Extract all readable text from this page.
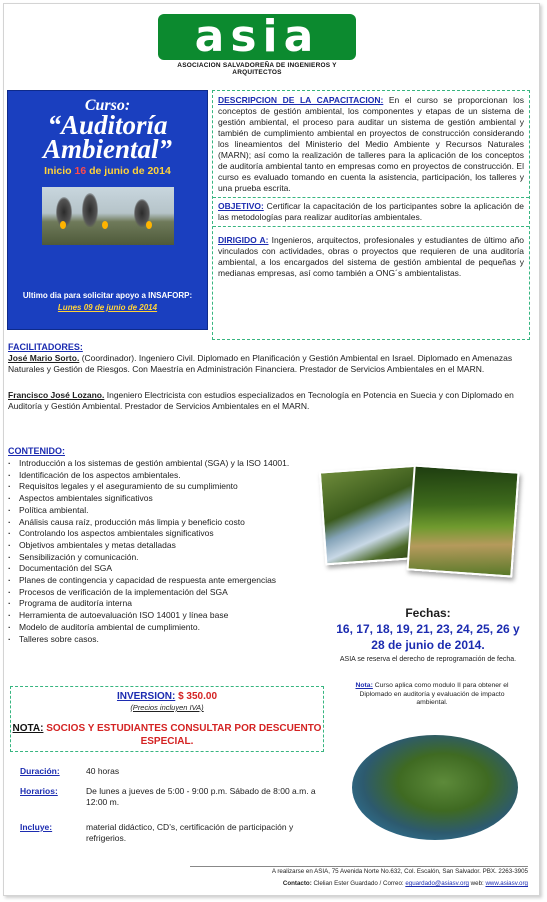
asia
ASOCIACION SALVADOREÑA DE INGENIEROS Y ARQUITECTOS
Curso:
“Auditoría Ambiental”
Inicio 16 de junio de 2014
Ultimo dia para solicitar apoyo a INSAFORP:
Lunes 09 de junio de 2014

DESCRIPCION DE LA CAPACITACION: En el curso se proporcionan los conceptos de gestión ambiental, los componentes y etapas de un sistema de gestión ambiental, el proceso para auditar un sistema de gestión ambiental y también de cumplimiento ambiental en proyectos de construcción considerando los lineamientos del Ministerio del Medio Ambiente y Recursos Naturales (MARN); así como la realización de talleres para la aplicación de los conceptos de auditoría ambiental tanto en empresas como en proyectos de construcción. El curso es evaluado tomando en cuenta la asistencia, participación, los talleres y una prueba escrita.

OBJETIVO: Certificar la capacitación de los participantes sobre la aplicación de las metodologías para realizar auditorías ambientales.

DIRIGIDO A: Ingenieros, arquitectos, profesionales y estudiantes de último año vinculados con actividades, obras o proyectos que requieren de una auditoría ambiental, a los encargados del sistema de gestión ambiental de pequeñas y medianas empresas, así como también a ONG´s ambientalistas.

FACILITADORES:

José Mario Sorto. (Coordinador). Ingeniero Civil. Diplomado en Planificación y Gestión Ambiental en Israel. Diplomado en Amenazas Naturales y Gestión de Riesgos. Con Maestría en Administración Financiera. Prestador de Servicios Ambientales en el MARN.

Francisco José Lozano. Ingeniero Electricista con estudios especializados en Tecnología en Potencia en Suecia y con Diplomado en Auditoría y Gestión Ambiental. Prestador de Servicios Ambientales en el MARN.

CONTENIDO:
· Introducción a los sistemas de gestión ambiental (SGA) y la ISO 14001.
· Identificación de los aspectos ambientales.
· Requisitos legales y el aseguramiento de su cumplimiento
· Aspectos ambientales significativos
· Política ambiental.
· Análisis causa raíz, producción más limpia y beneficio costo
· Controlando los aspectos ambientales significativos
· Objetivos ambientales y metas detalladas
· Sensibilización y comunicación.
· Documentación del SGA
· Planes de contingencia y capacidad de respuesta ante emergencias
· Procesos de verificación de la implementación del SGA
· Programa de auditoría interna
· Herramienta de autoevaluación ISO 14001 y línea base
· Modelo de auditoría ambiental de cumplimiento.
· Talleres sobre casos.
Fechas:
16, 17, 18, 19, 21, 23, 24, 25, 26 y
28 de junio de 2014.
ASIA se reserva el derecho de reprogramación de fecha.
Nota: Curso aplica como modulo II para obtener el Diplomado en auditoría y evaluación de impacto ambiental.
INVERSION: $ 350.00
(Precios incluyen IVA)
NOTA: SOCIOS Y ESTUDIANTES CONSULTAR POR DESCUENTO ESPECIAL.
Duración:	40 horas
Horarios:	De lunes a jueves de 5:00 - 9:00 p.m. Sábado de 8:00 a.m. a 12:00 m.
Incluye:	material didáctico, CD’s, certificación de participación y refrigerios.
A realizarse en ASIA, 75 Avenida Norte No.632, Col. Escalón, San Salvador. PBX. 2263-3905
Contacto: Clelian Ester Guardado / Correo: eguardado@asiasv.org web: www.asiasv.org
